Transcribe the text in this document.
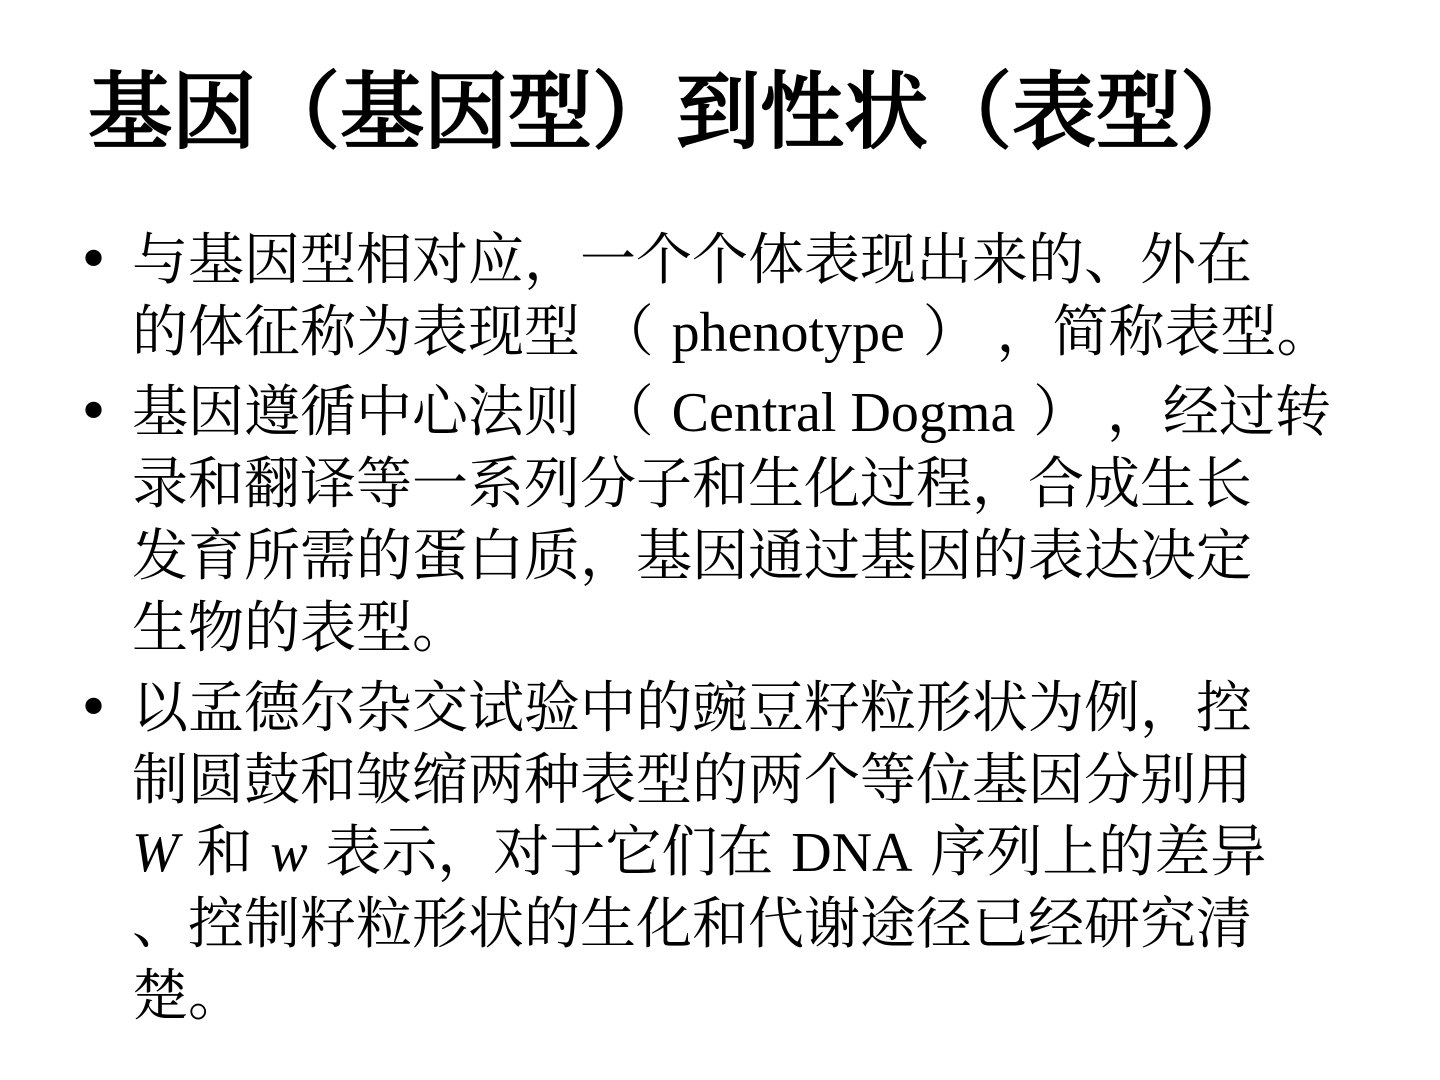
基因（基因型）到性状（表型）
• 与基因型相对应，一个个体表现出来的、外在
的体征称为表现型 （ phenotype ） ，简称表型。
• 基因遵循中心法则 （ Central Dogma ） ，经过转
录和翻译等一系列分子和生化过程，合成生长
发育所需的蛋白质，基因通过基因的表达决定
生物的表型。
• 以孟德尔杂交试验中的豌豆籽粒形状为例，控
制圆鼓和皱缩两种表型的两个等位基因分别用
W 和 w 表示，对于它们在 DNA 序列上的差异
、控制籽粒形状的生化和代谢途径已经研究清
楚。
